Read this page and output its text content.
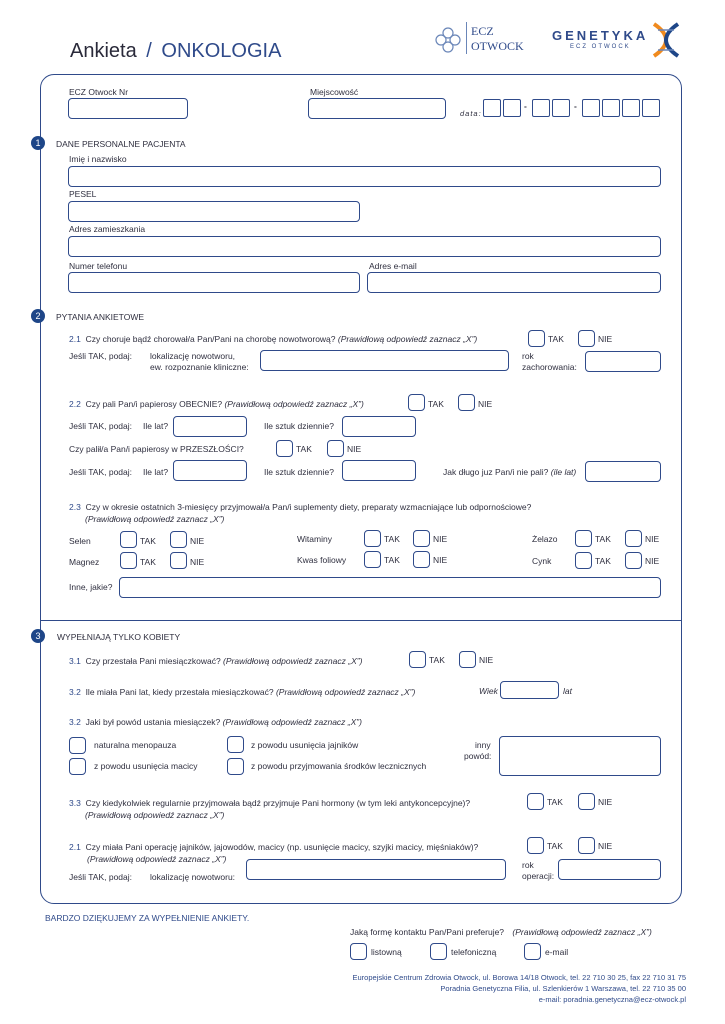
Ankieta / ONKOLOGIA
ECZ
OTWOCK
GENETYKA
ECZ OTWOCK
ECZ Otwock Nr	Miejscowość
data:
-	-
1	DANE PERSONALNE PACJENTA
Imię i nazwisko
PESEL
Adres zamieszkania
Numer telefonu	Adres e-mail
2	PYTANIA ANKIETOWE
2.1 Czy choruje bądź chorował/a Pan/Pani na chorobę nowotworową? (Prawidłową odpowiedź zaznacz „X”)	TAK	NIE
Jeśli TAK, podaj: lokalizację nowotworu,
ew. rozpoznanie kliniczne:
rok
zachorowania:
2.2 Czy pali Pan/i papierosy OBECNIE? (Prawidłową odpowiedź zaznacz „X”)	TAK	NIE
Jeśli TAK, podaj: Ile lat?	Ile sztuk dziennie?
Czy palił/a Pan/i papierosy w PRZESZŁOŚCI?	TAK	NIE
Jeśli TAK, podaj: Ile lat?	Ile sztuk dziennie?	Jak długo juz Pan/i nie pali? (ile lat)
2.3 Czy w okresie ostatnich 3-miesięcy przyjmował/a Pan/i suplementy diety, preparaty wzmacniające lub odpornościowe?
(Prawidłową odpowiedź zaznacz „X”)
Selen	TAK	NIE	Witaminy	TAK	NIE	Żelazo	TAK	NIE
Magnez	TAK	NIE	Kwas foliowy	TAK	NIE	Cynk	TAK	NIE
Inne, jakie?
3	WYPEŁNIAJĄ TYLKO KOBIETY
3.1 Czy przestała Pani miesiączkować? (Prawidłową odpowiedź zaznacz „X”)	TAK	NIE
3.2 Ile miała Pani lat, kiedy przestała miesiączkować? (Prawidłową odpowiedź zaznacz „X”)	Wiek	lat
3.2 Jaki był powód ustania miesiączek? (Prawidłową odpowiedź zaznacz „X”)
naturalna menopauza	z powodu usunięcia jajników
z powodu usunięcia macicy	z powodu przyjmowania środków lecznicznych
inny
powód:
3.3 Czy kiedykolwiek regularnie przyjmowała bądź przyjmuje Pani hormony (w tym leki antykoncepcyjne)?
(Prawidłową odpowiedź zaznacz „X”)
TAK	NIE
2.1 Czy miała Pani operację jajników, jajowodów, macicy (np. usunięcie macicy, szyjki macicy, mięśniaków)?
(Prawidłową odpowiedź zaznacz „X”)
TAK	NIE
Jeśli TAK, podaj: lokalizację nowotworu:
rok
operacji:
BARDZO DZIĘKUJEMY ZA WYPEŁNIENIE ANKIETY.
Jaką formę kontaktu Pan/Pani preferuje? (Prawidłową odpowiedź zaznacz „X”)
listowną	telefoniczną	e-mail
Europejskie Centrum Zdrowia Otwock, ul. Borowa 14/18 Otwock, tel. 22 710 30 25, fax 22 710 31 75
Poradnia Genetyczna Filia, ul. Szlenkierów 1 Warszawa, tel. 22 710 35 00
e-mail: poradnia.genetyczna@ecz-otwock.pl
